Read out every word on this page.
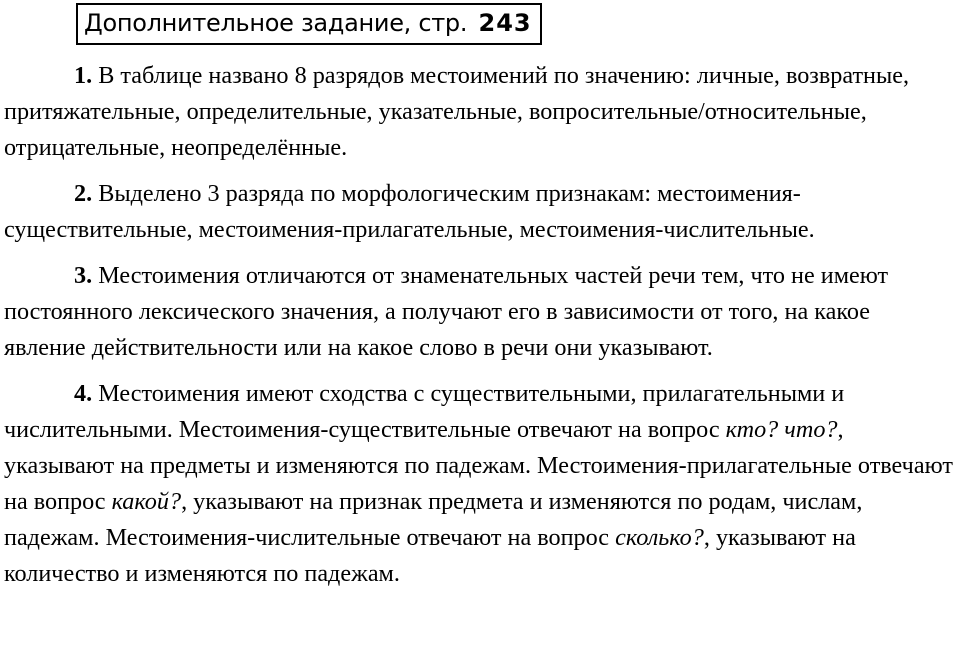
Дополнительное задание, стр. 243

1. В таблице названо 8 разрядов местоимений по значению: личные, возвратные, притяжательные, определительные, указательные, вопросительные/относительные, отрицательные, неопределённые.

2. Выделено 3 разряда по морфологическим признакам: местоимения-существительные, местоимения-прилагательные, местоимения-числительные.

3. Местоимения отличаются от знаменательных частей речи тем, что не имеют постоянного лексического значения, а получают его в зависимости от того, на какое явление действительности или на какое слово в речи они указывают.

4. Местоимения имеют сходства с существительными, прилагательными и числительными. Местоимения-существительные отвечают на вопрос кто? что?, указывают на предметы и изменяются по падежам. Местоимения-прилагательные отвечают на вопрос какой?, указывают на признак предмета и изменяются по родам, числам, падежам. Местоимения-числительные отвечают на вопрос сколько?, указывают на количество и изменяются по падежам.
